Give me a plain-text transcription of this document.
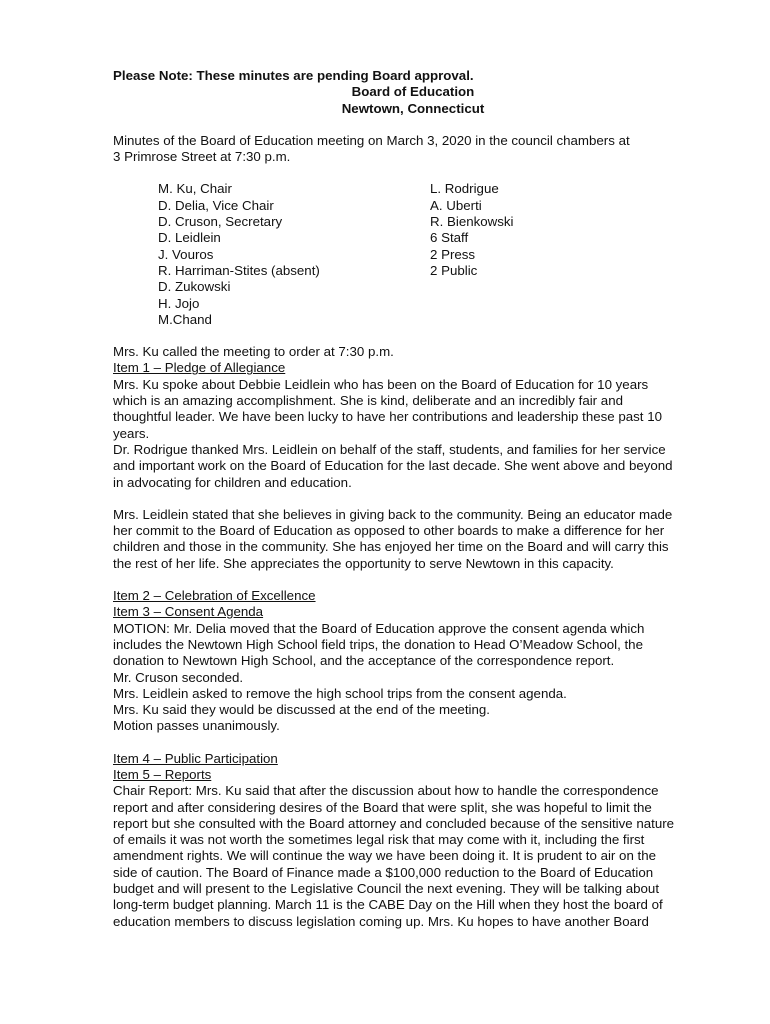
Please Note: These minutes are pending Board approval.

Board of Education

Newtown, Connecticut

Minutes of the Board of Education meeting on March 3, 2020 in the council chambers at

3 Primrose Street at 7:30 p.m.

M. Ku, Chair

D. Delia, Vice Chair

D. Cruson, Secretary

D. Leidlein

J. Vouros

R. Harriman-Stites (absent)

D. Zukowski

H. Jojo

M.Chand

L. Rodrigue

A. Uberti

R. Bienkowski

6 Staff

2 Press

2 Public

Mrs. Ku called the meeting to order at 7:30 p.m.

Item 1 – Pledge of Allegiance

Mrs. Ku spoke about Debbie Leidlein who has been on the Board of Education for 10 years

which is an amazing accomplishment. She is kind, deliberate and an incredibly fair and

thoughtful leader. We have been lucky to have her contributions and leadership these past 10

years.

Dr. Rodrigue thanked Mrs. Leidlein on behalf of the staff, students, and families for her service

and important work on the Board of Education for the last decade. She went above and beyond

in advocating for children and education.

Mrs. Leidlein stated that she believes in giving back to the community. Being an educator made

her commit to the Board of Education as opposed to other boards to make a difference for her

children and those in the community. She has enjoyed her time on the Board and will carry this

the rest of her life. She appreciates the opportunity to serve Newtown in this capacity.

Item 2 – Celebration of Excellence

Item 3 – Consent Agenda

MOTION: Mr. Delia moved that the Board of Education approve the consent agenda which

includes the Newtown High School field trips, the donation to Head O’Meadow School, the

donation to Newtown High School, and the acceptance of the correspondence report.

Mr. Cruson seconded.

Mrs. Leidlein asked to remove the high school trips from the consent agenda.

Mrs. Ku said they would be discussed at the end of the meeting.

Motion passes unanimously.

Item 4 – Public Participation

Item 5 – Reports

Chair Report: Mrs. Ku said that after the discussion about how to handle the correspondence

report and after considering desires of the Board that were split, she was hopeful to limit the

report but she consulted with the Board attorney and concluded because of the sensitive nature

of emails it was not worth the sometimes legal risk that may come with it, including the first

amendment rights. We will continue the way we have been doing it. It is prudent to air on the

side of caution. The Board of Finance made a $100,000 reduction to the Board of Education

budget and will present to the Legislative Council the next evening. They will be talking about

long-term budget planning. March 11 is the CABE Day on the Hill when they host the board of

education members to discuss legislation coming up. Mrs. Ku hopes to have another Board
